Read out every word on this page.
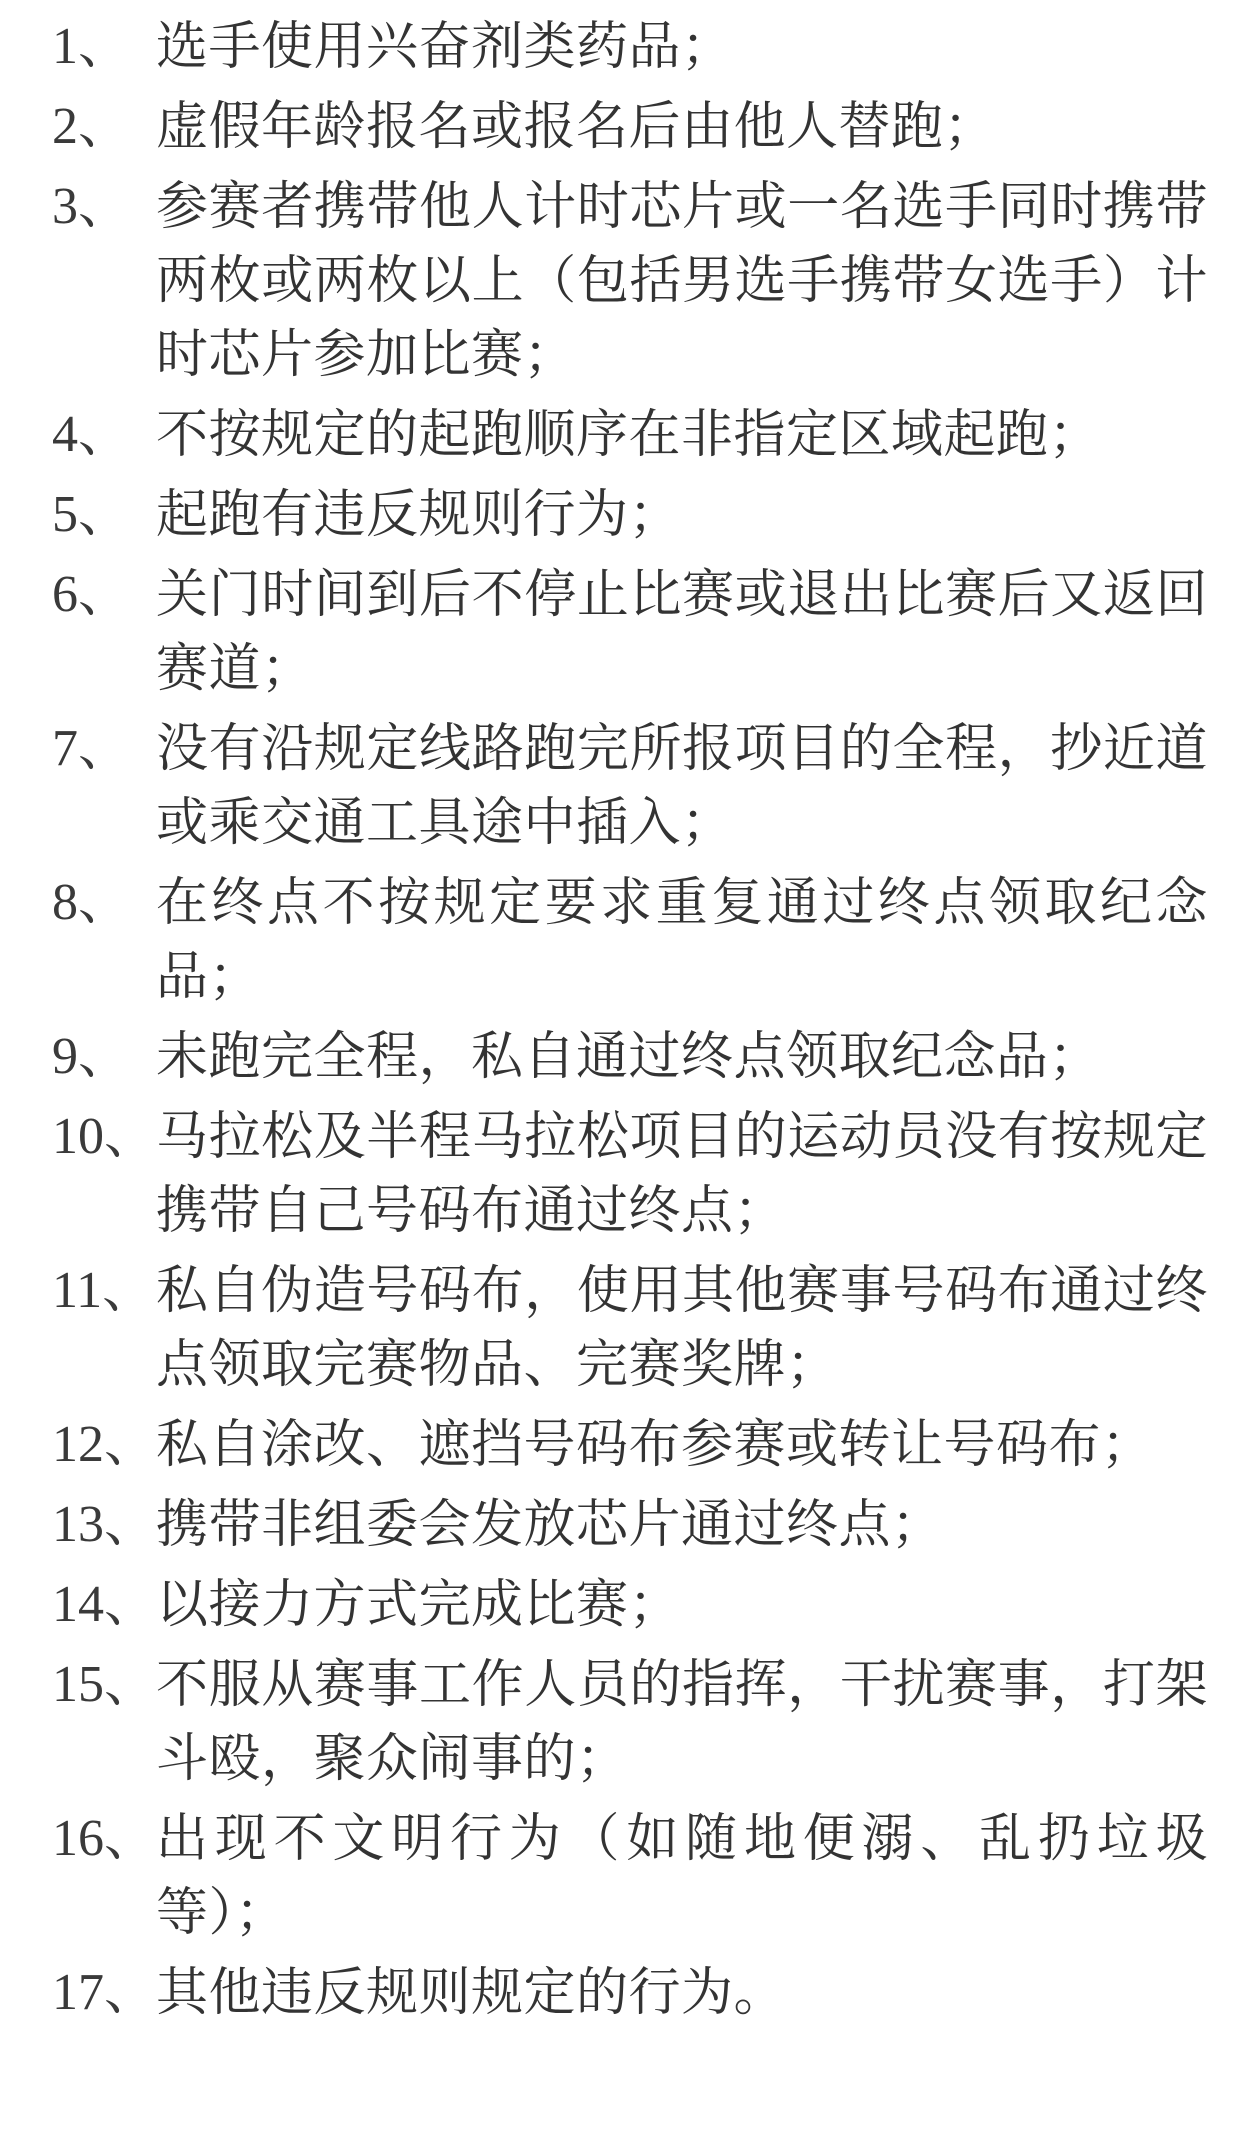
1、 选手使用兴奋剂类药品；
2、 虚假年龄报名或报名后由他人替跑；
3、 参赛者携带他人计时芯片或一名选手同时携带两枚或两枚以上（包括男选手携带女选手）计时芯片参加比赛；
4、 不按规定的起跑顺序在非指定区域起跑；
5、 起跑有违反规则行为；
6、 关门时间到后不停止比赛或退出比赛后又返回赛道；
7、 没有沿规定线路跑完所报项目的全程，抄近道或乘交通工具途中插入；
8、 在终点不按规定要求重复通过终点领取纪念品；
9、 未跑完全程，私自通过终点领取纪念品；
10、 马拉松及半程马拉松项目的运动员没有按规定携带自己号码布通过终点；
11、 私自伪造号码布，使用其他赛事号码布通过终点领取完赛物品、完赛奖牌；
12、 私自涂改、遮挡号码布参赛或转让号码布；
13、 携带非组委会发放芯片通过终点；
14、 以接力方式完成比赛；
15、 不服从赛事工作人员的指挥，干扰赛事，打架斗殴，聚众闹事的；
16、 出现不文明行为（如随地便溺、乱扔垃圾等）；
17、 其他违反规则规定的行为。
